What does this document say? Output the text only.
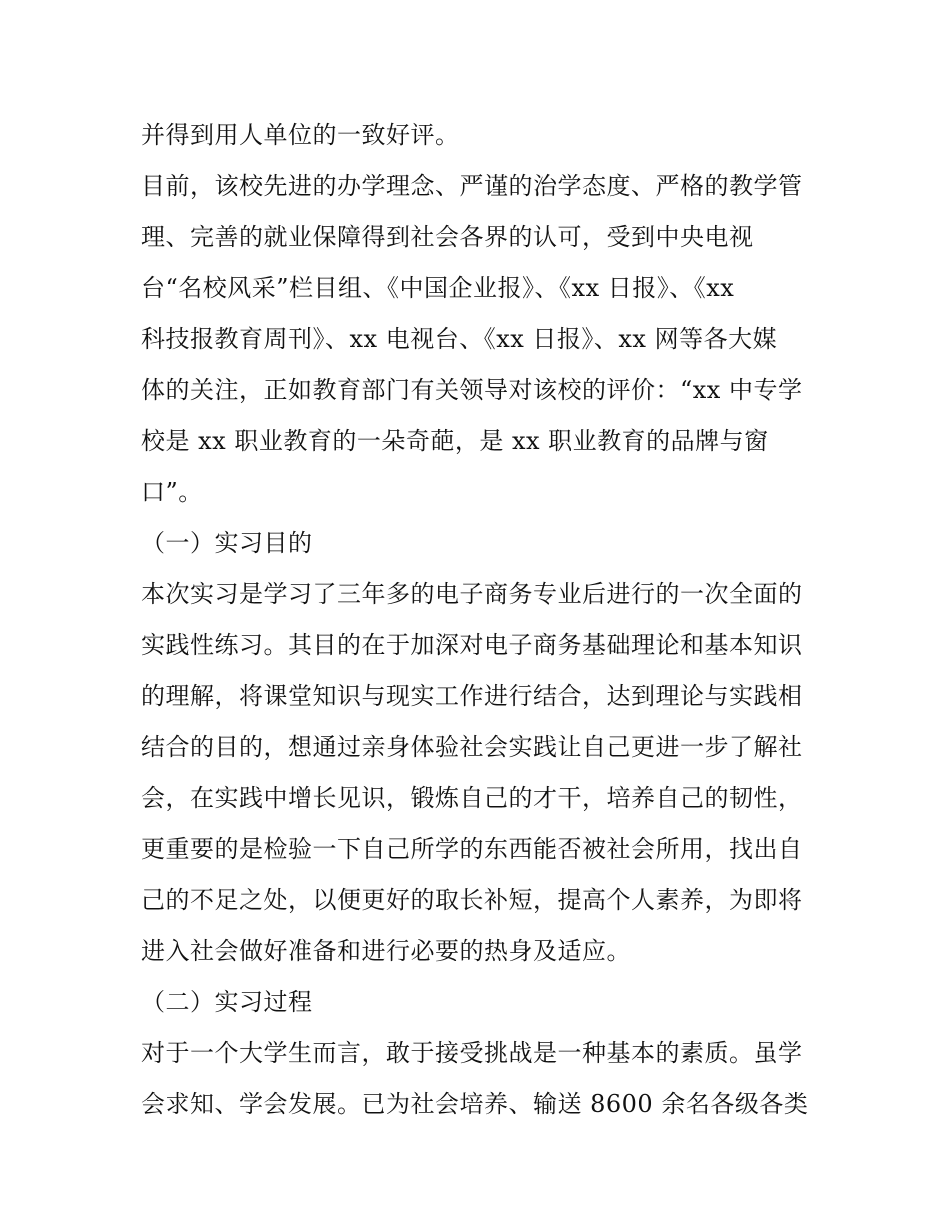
并得到用人单位的一致好评。
目前，该校先进的办学理念、严谨的治学态度、严格的教学管
理、完善的就业保障得到社会各界的认可，受到中央电视
台“名校风采”栏目组、《中国企业报》、《xx 日报》、《xx
科技报教育周刊》、xx 电视台、《xx 日报》、xx 网等各大媒
体的关注，正如教育部门有关领导对该校的评价：“xx 中专学
校是 xx 职业教育的一朵奇葩，是 xx 职业教育的品牌与窗
口”。
（一）实习目的
本次实习是学习了三年多的电子商务专业后进行的一次全面的
实践性练习。其目的在于加深对电子商务基础理论和基本知识
的理解，将课堂知识与现实工作进行结合，达到理论与实践相
结合的目的，想通过亲身体验社会实践让自己更进一步了解社
会，在实践中增长见识，锻炼自己的才干，培养自己的韧性，
更重要的是检验一下自己所学的东西能否被社会所用，找出自
己的不足之处，以便更好的取长补短，提高个人素养，为即将
进入社会做好准备和进行必要的热身及适应。
（二）实习过程
对于一个大学生而言，敢于接受挑战是一种基本的素质。虽学
会求知、学会发展。已为社会培养、输送 8600 余名各级各类
